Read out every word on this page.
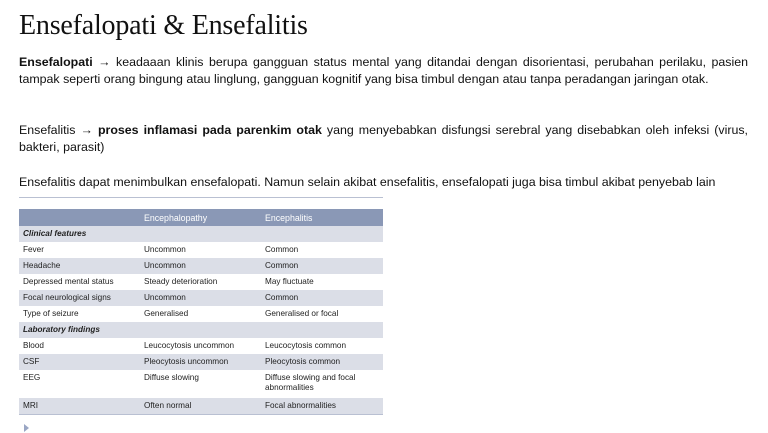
Ensefalopati & Ensefalitis
Ensefalopati → keadaaan klinis berupa gangguan status mental yang ditandai dengan disorientasi, perubahan perilaku, pasien tampak seperti orang bingung atau linglung, gangguan kognitif yang bisa timbul dengan atau tanpa peradangan jaringan otak.
Ensefalitis → proses inflamasi pada parenkim otak yang menyebabkan disfungsi serebral yang disebabkan oleh infeksi (virus, bakteri, parasit)
Ensefalitis dapat menimbulkan ensefalopati. Namun selain akibat ensefalitis, ensefalopati juga bisa timbul akibat penyebab lain
	Encephalopathy	Encephalitis
Clinical features		
Fever	Uncommon	Common
Headache	Uncommon	Common
Depressed mental status	Steady deterioration	May fluctuate
Focal neurological signs	Uncommon	Common
Type of seizure	Generalised	Generalised or focal
Laboratory findings		
Blood	Leucocytosis uncommon	Leucocytosis common
CSF	Pleocytosis uncommon	Pleocytosis common
EEG	Diffuse slowing	Diffuse slowing and focal abnormalities
MRI	Often normal	Focal abnormalities
